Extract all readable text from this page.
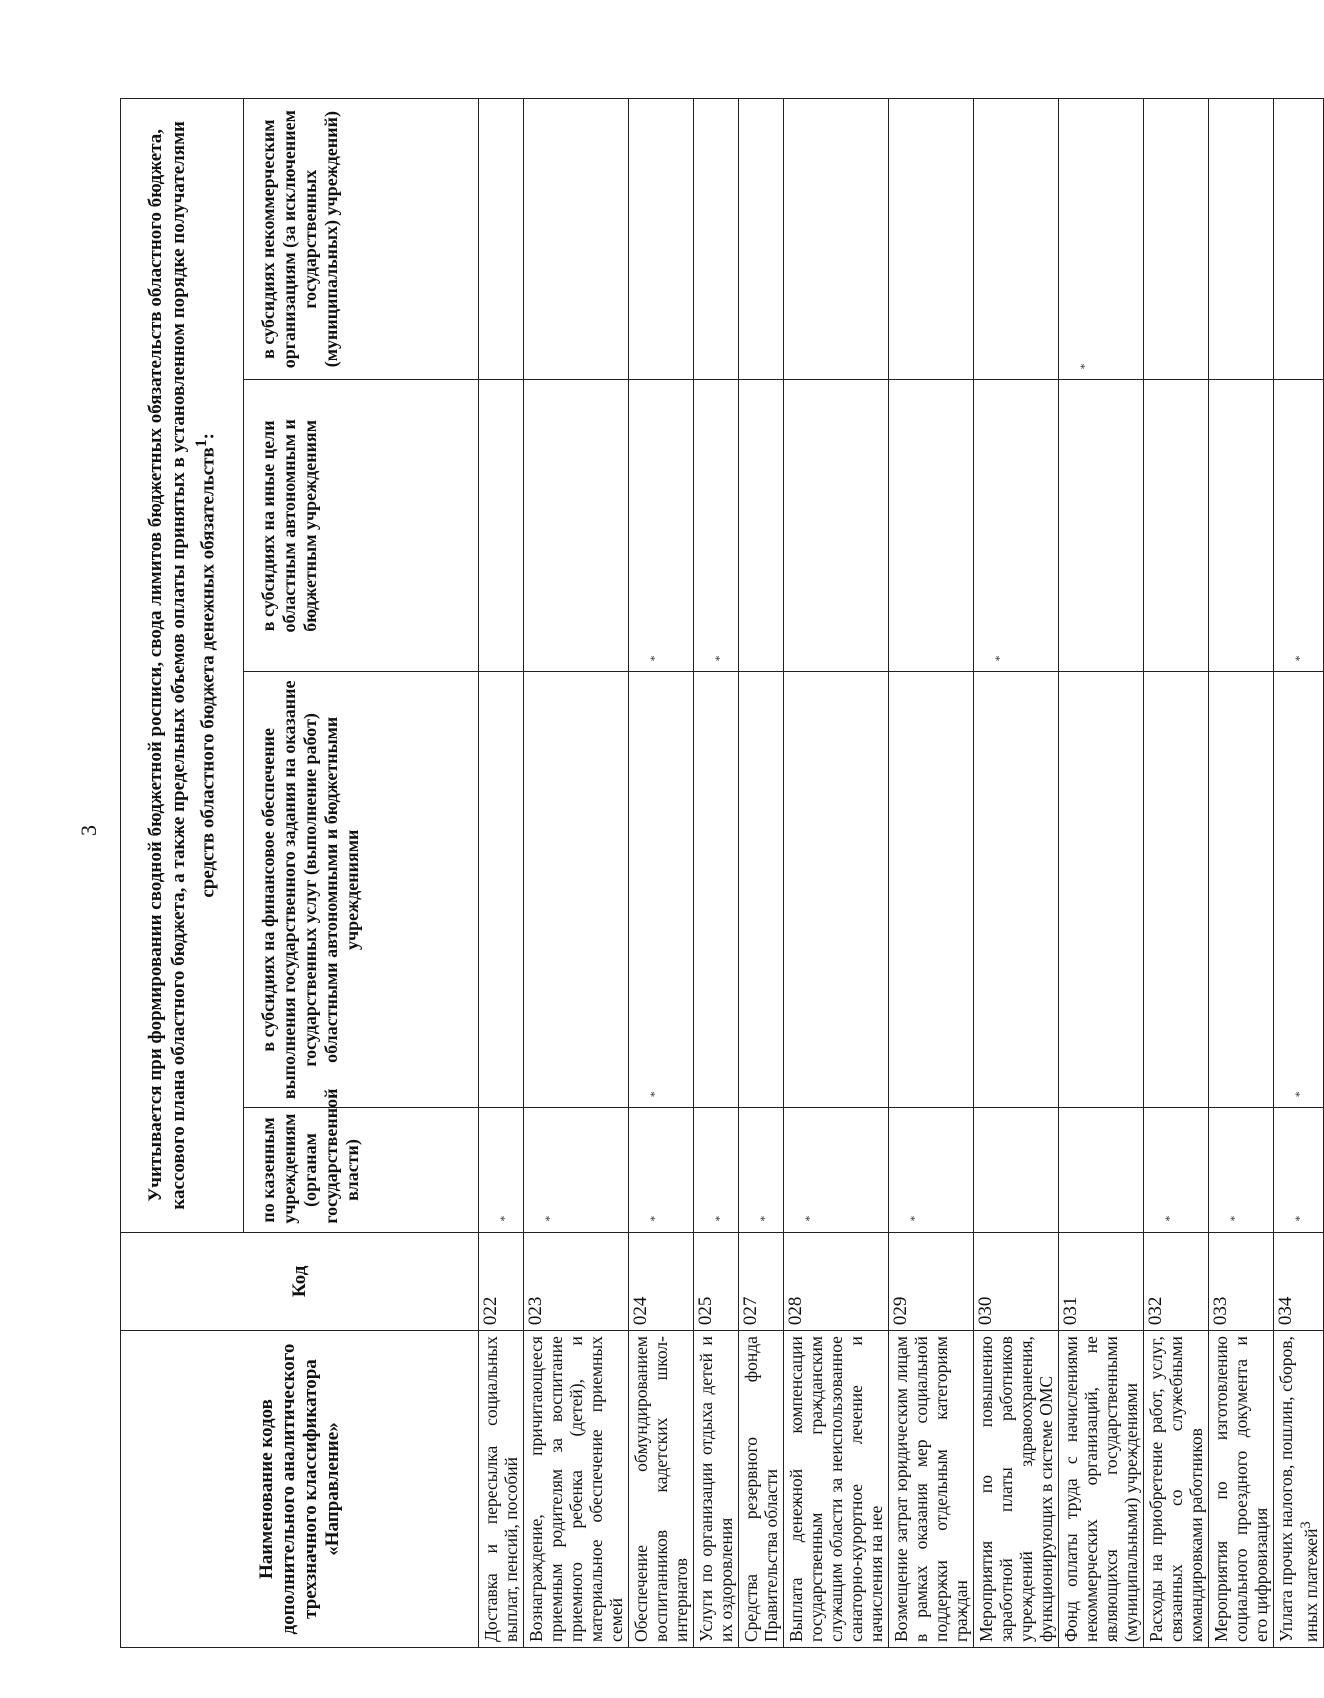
3
Наименование кодов дополнительного аналитического трехзначного классификатора «Направление»	Код	Учитывается при формировании сводной бюджетной росписи, свода лимитов бюджетных обязательств областного бюджета, кассового плана областного бюджета, а также предельных объемов оплаты принятых в установленном порядке получателями средств областного бюджета денежных обязательств$^1$:			
		по казенным учреждениям (органам государственной власти)	в субсидиях на финансовое обеспечение выполнения государственного задания на оказание государственных услуг (выполнение работ) областными автономными и бюджетными учреждениями	в субсидиях на иные цели областным автономным и бюджетным учреждениям	в субсидиях некоммерческим организациям (за исключением государственных (муниципальных) учреждений)
Доставка и пересылка социальных выплат, пенсий, пособий	022	*			
Вознаграждение, причитающееся приемным родителям за воспитание приемного ребенка (детей), и материальное обеспечение приемных семей	023	*			
Обеспечение обмундированием воспитанников кадетских школ-интернатов	024	*	*	*	
Услуги по организации отдыха детей и их оздоровления	025	*		*	
Средства резервного фонда Правительства области	027	*			
Выплата денежной компенсации государственным гражданским служащим области за неиспользованное санаторно-курортное лечение и начисления на нее	028	*			
Возмещение затрат юридическим лицам в рамках оказания мер социальной поддержки отдельным категориям граждан	029	*			
Мероприятия по повышению заработной платы работников учреждений здравоохранения, функционирующих в системе ОМС	030			*	
Фонд оплаты труда с начислениями некоммерческих организаций, не являющихся государственными (муниципальными) учреждениями	031				*
Расходы на приобретение работ, услуг, связанных со служебными командировками работников	032	*			
Мероприятия по изготовлению социального проездного документа и его цифровизация	033	*			
Уплата прочих налогов, пошлин, сборов, иных платежей$^3$	034	*	*	*	
